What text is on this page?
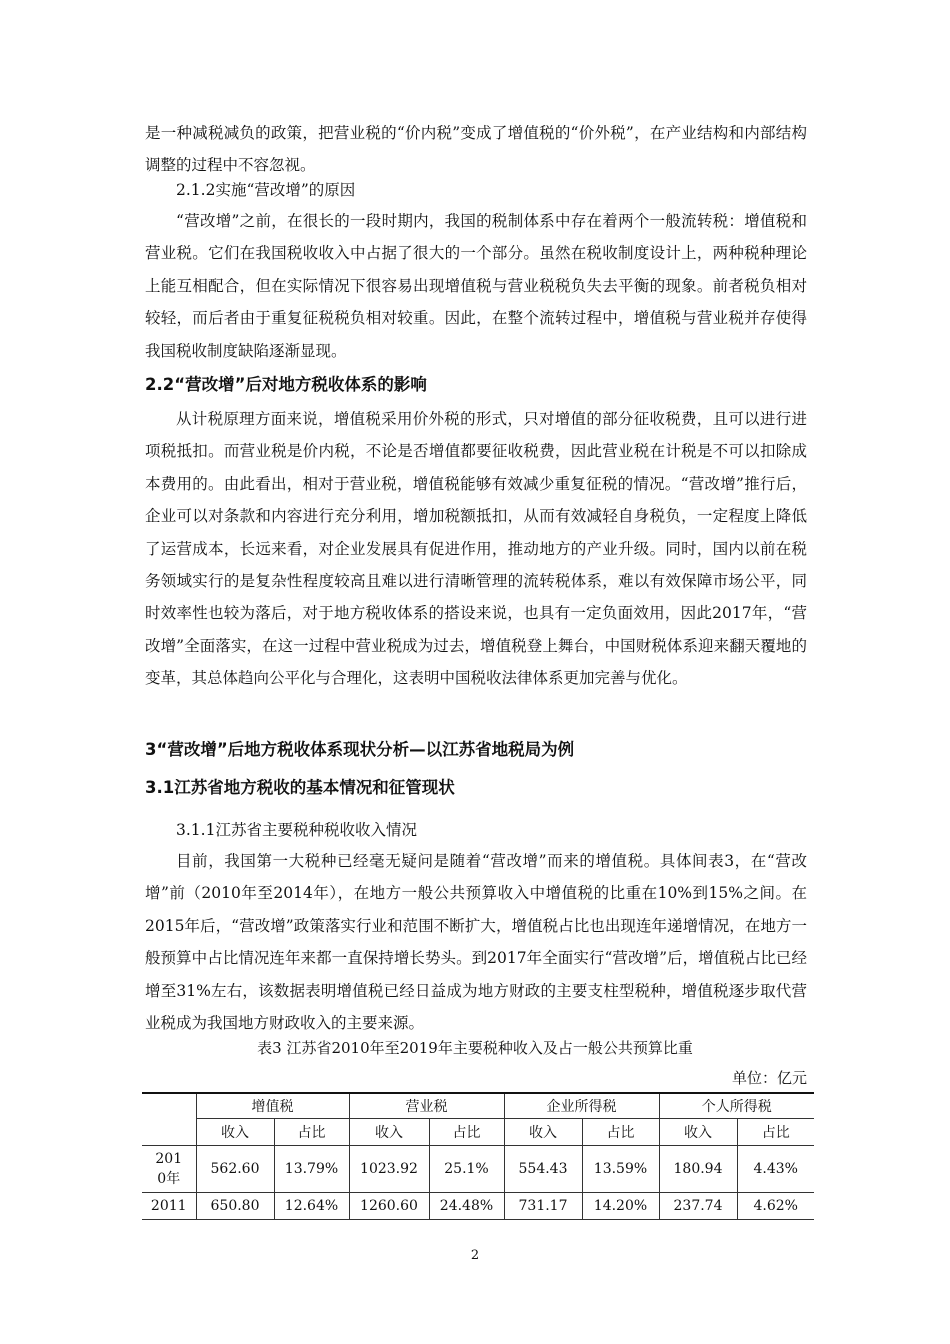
是一种减税减负的政策，把营业税的“价内税”变成了增值税的“价外税”，在产业结构和内部结构调整的过程中不容忽视。

2.1.2实施“营改增”的原因

“营改增”之前，在很长的一段时期内，我国的税制体系中存在着两个一般流转税：增值税和营业税。它们在我国税收收入中占据了很大的一个部分。虽然在税收制度设计上，两种税种理论上能互相配合，但在实际情况下很容易出现增值税与营业税税负失去平衡的现象。前者税负相对较轻，而后者由于重复征税税负相对较重。因此，在整个流转过程中，增值税与营业税并存使得我国税收制度缺陷逐渐显现。

2.2“营改增”后对地方税收体系的影响

从计税原理方面来说，增值税采用价外税的形式，只对增值的部分征收税费，且可以进行进项税抵扣。而营业税是价内税，不论是否增值都要征收税费，因此营业税在计税是不可以扣除成本费用的。由此看出，相对于营业税，增值税能够有效减少重复征税的情况。“营改增”推行后，企业可以对条款和内容进行充分利用，增加税额抵扣，从而有效减轻自身税负，一定程度上降低了运营成本，长远来看，对企业发展具有促进作用，推动地方的产业升级。同时，国内以前在税务领域实行的是复杂性程度较高且难以进行清晰管理的流转税体系，难以有效保障市场公平，同时效率性也较为落后，对于地方税收体系的搭设来说，也具有一定负面效用，因此2017年，“营改增”全面落实，在这一过程中营业税成为过去，增值税登上舞台，中国财税体系迎来翻天覆地的变革，其总体趋向公平化与合理化，这表明中国税收法律体系更加完善与优化。

3“营改增”后地方税收体系现状分析—以江苏省地税局为例

3.1江苏省地方税收的基本情况和征管现状

3.1.1江苏省主要税种税收收入情况

目前，我国第一大税种已经毫无疑问是随着“营改增”而来的增值税。具体间表3，在“营改增”前（2010年至2014年），在地方一般公共预算收入中增值税的比重在10%到15%之间。在2015年后，“营改增”政策落实行业和范围不断扩大，增值税占比也出现连年递增情况，在地方一般预算中占比情况连年来都一直保持增长势头。到2017年全面实行“营改增”后，增值税占比已经增至31%左右，该数据表明增值税已经日益成为地方财政的主要支柱型税种，增值税逐步取代营业税成为我国地方财政收入的主要来源。

表3 江苏省2010年至2019年主要税种收入及占一般公共预算比重

单位：亿元

	增值税		营业税		企业所得税		个人所得税	
	收入	占比	收入	占比	收入	占比	收入	占比
2010年	562.60	13.79%	1023.92	25.1%	554.43	13.59%	180.94	4.43%
2011	650.80	12.64%	1260.60	24.48%	731.17	14.20%	237.74	4.62%

2
